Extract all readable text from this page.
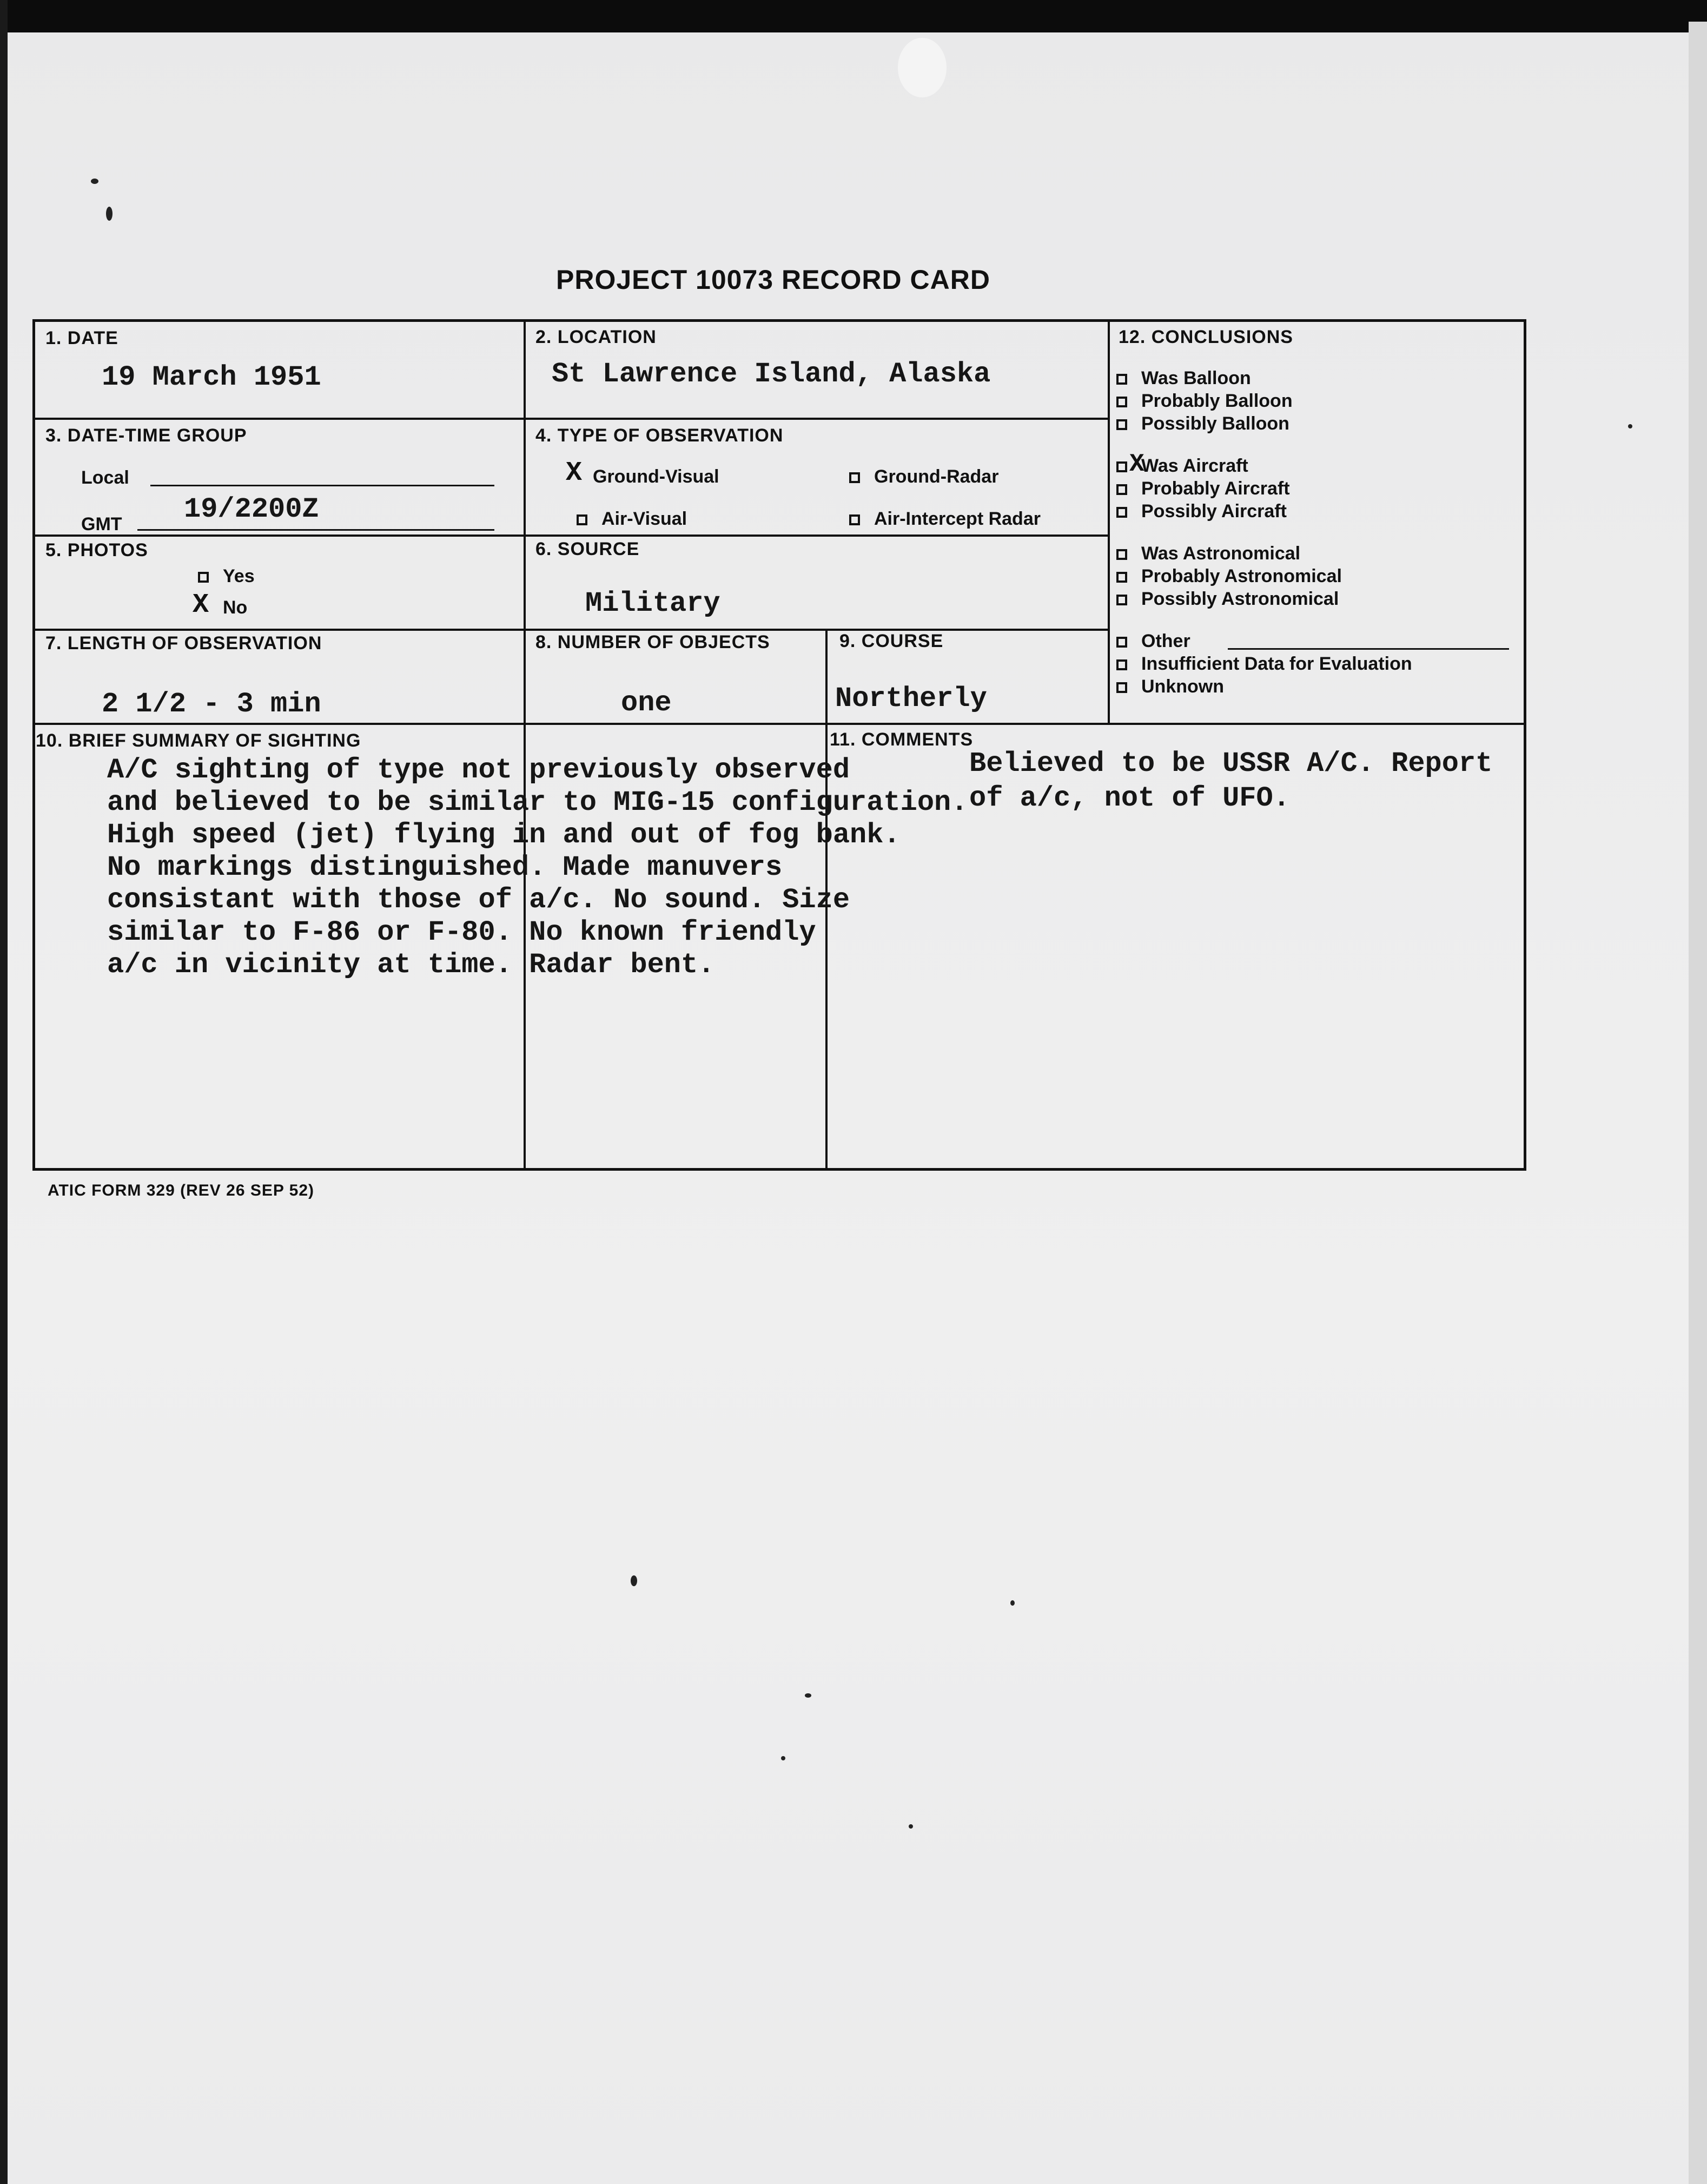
PROJECT 10073 RECORD CARD
1. DATE
19 March 1951
2. LOCATION
St Lawrence Island, Alaska
3. DATE-TIME GROUP
Local
GMT 19/2200Z
4. TYPE OF OBSERVATION
Ground-Visual
X	Ground-Radar
Air-Visual	Air-Intercept Radar
5. PHOTOS
Yes
No
X
6. SOURCE
Military
7. LENGTH OF OBSERVATION
2 1/2 - 3 min
8. NUMBER OF OBJECTS
one
9. COURSE
Northerly
10. BRIEF SUMMARY OF SIGHTING
A/C sighting of type not previously observed
and believed to be similar to MIG-15 configuration.
High speed (jet) flying in and out of fog bank.
No markings distinguished. Made manuvers
consistant with those of a/c. No sound. Size
similar to F-86 or F-80. No known friendly
a/c in vicinity at time. Radar bent.
11. COMMENTS
Believed to be USSR A/C. Report
of a/c, not of UFO.
12. CONCLUSIONS
Was Balloon
Probably Balloon
Possibly Balloon
Was Aircraft
X
Probably Aircraft
Possibly Aircraft
Was Astronomical
Probably Astronomical
Possibly Astronomical
Other
Insufficient Data for Evaluation
Unknown
ATIC FORM 329 (REV 26 SEP 52)
